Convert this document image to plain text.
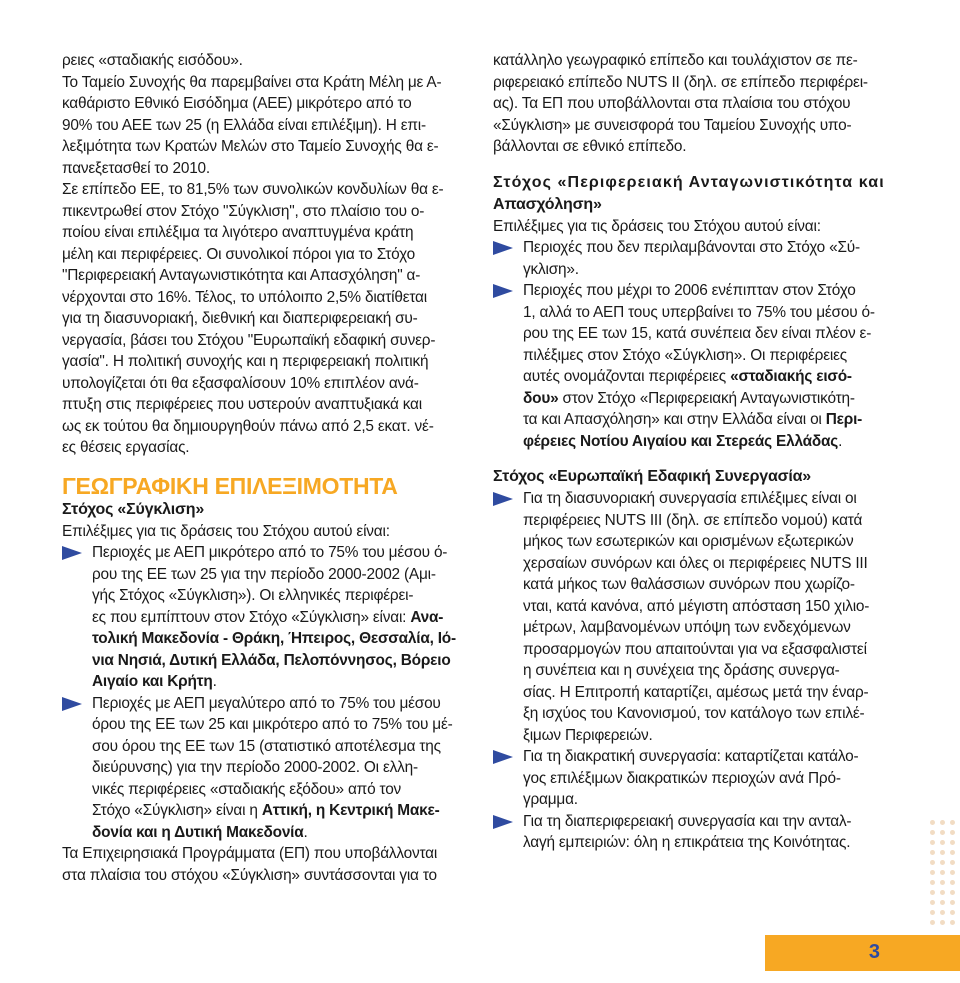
ρειες «σταδιακής εισόδου».
Το Ταμείο Συνοχής θα παρεμβαίνει στα Κράτη Μέλη με Α-
καθάριστο Εθνικό Εισόδημα (ΑΕΕ) μικρότερο από το
90% του ΑΕΕ των 25 (η Ελλάδα είναι επιλέξιμη). Η επι-
λεξιμότητα των Κρατών Μελών στο Ταμείο Συνοχής θα ε-
πανεξετασθεί το 2010.
Σε επίπεδο ΕΕ, το 81,5% των συνολικών κονδυλίων θα ε-
πικεντρωθεί στον Στόχο "Σύγκλιση", στο πλαίσιο του ο-
ποίου είναι επιλέξιμα τα λιγότερο αναπτυγμένα κράτη
μέλη και περιφέρειες. Οι συνολικοί πόροι για το Στόχο
"Περιφερειακή Ανταγωνιστικότητα και Απασχόληση" α-
νέρχονται στο 16%. Τέλος, το υπόλοιπο 2,5% διατίθεται
για τη διασυνοριακή, διεθνική και διαπεριφερειακή συ-
νεργασία, βάσει του Στόχου "Ευρωπαϊκή εδαφική συνερ-
γασία". Η πολιτική συνοχής και η περιφερειακή πολιτική
υπολογίζεται ότι θα εξασφαλίσουν 10% επιπλέον ανά-
πτυξη στις περιφέρειες που υστερούν αναπτυξιακά και
ως εκ τούτου θα δημιουργηθούν πάνω από 2,5 εκατ. νέ-
ες θέσεις εργασίας.
ΓΕΩΓΡΑΦΙΚΗ ΕΠΙΛΕΞΙΜΟΤΗΤΑ
Στόχος «Σύγκλιση»
Επιλέξιμες για τις δράσεις του Στόχου αυτού είναι:
Περιοχές με ΑΕΠ μικρότερο από το 75% του μέσου ό-
ρου της ΕΕ των 25 για την περίοδο 2000-2002 (Αμι-
γής Στόχος «Σύγκλιση»). Οι ελληνικές περιφέρει-
ες που εμπίπτουν στον Στόχο «Σύγκλιση» είναι: Ανα-
τολική Μακεδονία - Θράκη, Ήπειρος, Θεσσαλία, Ιό-
νια Νησιά, Δυτική Ελλάδα, Πελοπόννησος, Βόρειο
Αιγαίο και Κρήτη.
Περιοχές με ΑΕΠ μεγαλύτερο από το 75% του μέσου
όρου της ΕΕ των 25 και μικρότερο από το 75% του μέ-
σου όρου της ΕΕ των 15 (στατιστικό αποτέλεσμα της
διεύρυνσης) για την περίοδο 2000-2002. Οι ελλη-
νικές περιφέρειες «σταδιακής εξόδου» από τον
Στόχο «Σύγκλιση» είναι η Αττική, η Κεντρική Μακε-
δονία και η Δυτική Μακεδονία.
Τα Επιχειρησιακά Προγράμματα (ΕΠ) που υποβάλλονται
στα πλαίσια του στόχου «Σύγκλιση» συντάσσονται για το
κατάλληλο γεωγραφικό επίπεδο και τουλάχιστον σε πε-
ριφερειακό επίπεδο NUTS II (δηλ. σε επίπεδο περιφέρει-
ας). Τα ΕΠ που υποβάλλονται στα πλαίσια του στόχου
«Σύγκλιση» με συνεισφορά του Ταμείου Συνοχής υπο-
βάλλονται σε εθνικό επίπεδο.
Στόχος «Περιφερειακή Ανταγωνιστικότητα και
Απασχόληση»
Επιλέξιμες για τις δράσεις του Στόχου αυτού είναι:
Περιοχές που δεν περιλαμβάνονται στο Στόχο «Σύ-
γκλιση».
Περιοχές που μέχρι το 2006 ενέπιπταν στον Στόχο
1, αλλά το ΑΕΠ τους υπερβαίνει το 75% του μέσου ό-
ρου της ΕΕ των 15, κατά συνέπεια δεν είναι πλέον ε-
πιλέξιμες στον Στόχο «Σύγκλιση». Οι περιφέρειες
αυτές ονομάζονται περιφέρειες «σταδιακής εισό-
δου» στον Στόχο «Περιφερειακή Ανταγωνιστικότη-
τα και Απασχόληση» και στην Ελλάδα είναι οι Περι-
φέρειες Νοτίου Αιγαίου και Στερεάς Ελλάδας.
Στόχος «Ευρωπαϊκή Εδαφική Συνεργασία»
Για τη διασυνοριακή συνεργασία επιλέξιμες είναι οι
περιφέρειες NUTS III (δηλ. σε επίπεδο νομού) κατά
μήκος των εσωτερικών και ορισμένων εξωτερικών
χερσαίων συνόρων και όλες οι περιφέρειες NUTS III
κατά μήκος των θαλάσσιων συνόρων που χωρίζο-
νται, κατά κανόνα, από μέγιστη απόσταση 150 χιλιο-
μέτρων, λαμβανομένων υπόψη των ενδεχόμενων
προσαρμογών που απαιτούνται για να εξασφαλιστεί
η συνέπεια και η συνέχεια της δράσης συνεργα-
σίας. Η Επιτροπή καταρτίζει, αμέσως μετά την έναρ-
ξη ισχύος του Κανονισμού, τον κατάλογο των επιλέ-
ξιμων Περιφερειών.
Για τη διακρατική συνεργασία: καταρτίζεται κατάλο-
γος επιλέξιμων διακρατικών περιοχών ανά Πρό-
γραμμα.
Για τη διαπεριφερειακή συνεργασία και την ανταλ-
λαγή εμπειριών: όλη η επικράτεια της Κοινότητας.
3
